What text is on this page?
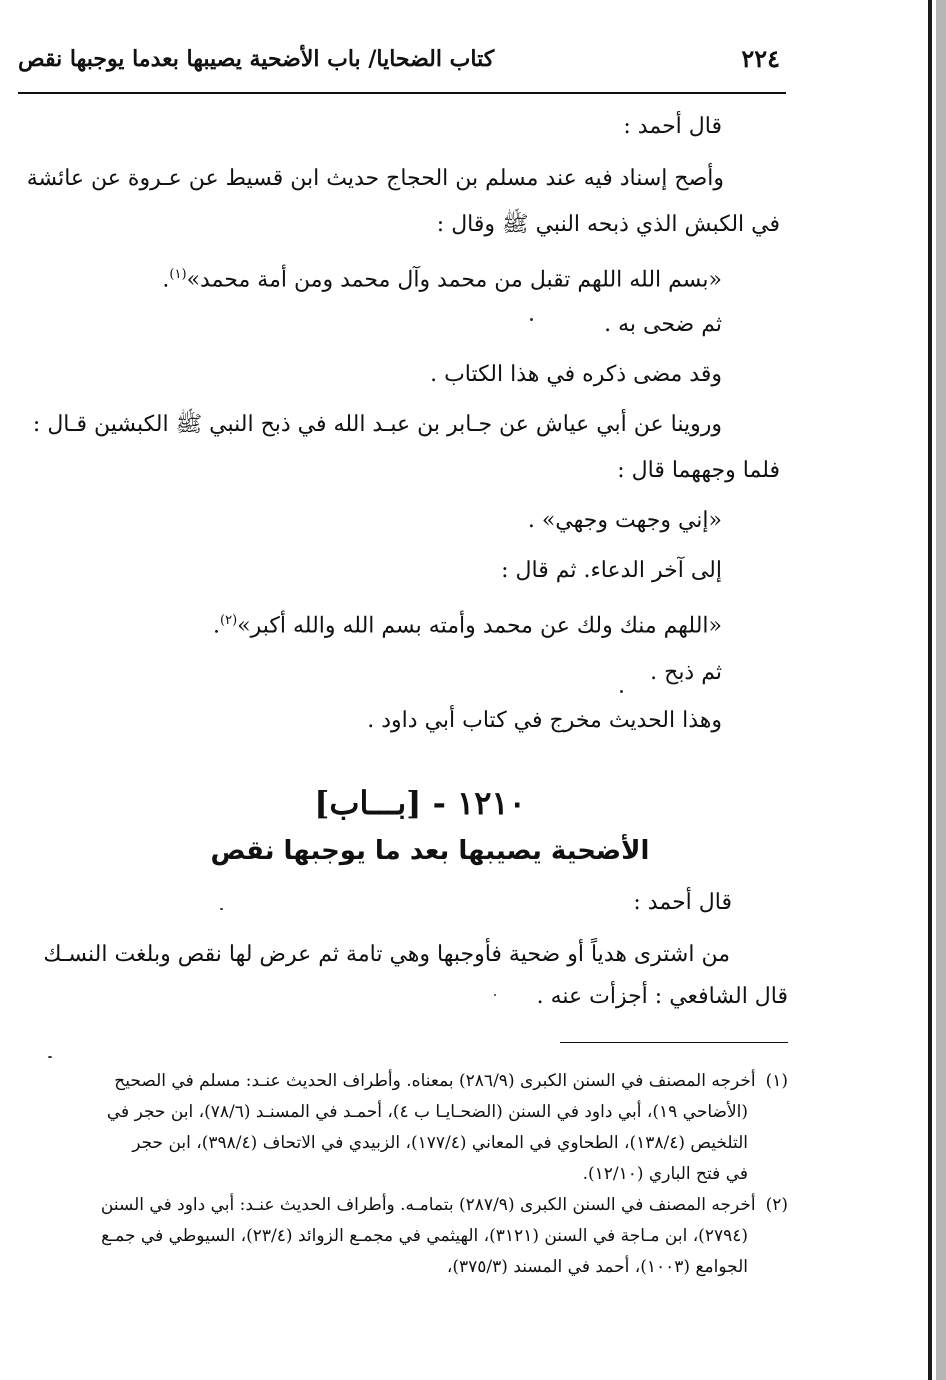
٢٢٤
كتاب الضحايا/ باب الأضحية يصيبها بعدما يوجبها نقص
قال أحمد :
وأصح إسناد فيه عند مسلم بن الحجاج حديث ابن قسيط عن عـروة عن عائشة
في الكبش الذي ذبحه النبي ﷺ وقال :
«بسم الله اللهم تقبل من محمد وآل محمد ومن أمة محمد»$^{(١)}$.
ثم ضحى به .
وقد مضى ذكره في هذا الكتاب .
وروينا عن أبي عياش عن جـابر بن عبـد الله في ذبح النبي ﷺ الكبشين قـال :
فلما وجههما قال :
«إني وجهت وجهي» .
إلى آخر الدعاء. ثم قال :
«اللهم منك ولك عن محمد وأمته بسم الله والله أكبر»$^{(٢)}$.
ثم ذبح .
وهذا الحديث مخرج في كتاب أبي داود .
١٢١٠ - [بـــاب]
الأضحية يصيبها بعد ما يوجبها نقص
قال أحمد :
من اشترى هدياً أو ضحية فأوجبها وهي تامة ثم عرض لها نقص وبلغت النسـك
قال الشافعي : أجزأت عنه .
(١)أخرجه المصنف في السنن الكبرى (٢٨٦/٩) بمعناه. وأطراف الحديث عنـد: مسلم في الصحيح
(الأضاحي ١٩)، أبي داود في السنن (الضحـايـا ب ٤)، أحمـد في المسنـد (٧٨/٦)، ابن حجر في
التلخيص (١٣٨/٤)، الطحاوي في المعاني (١٧٧/٤)، الزبيدي في الاتحاف (٣٩٨/٤)، ابن حجر
في فتح الباري (١٢/١٠).
(٢)أخرجه المصنف في السنن الكبرى (٢٨٧/٩) بتمامـه. وأطراف الحديث عنـد: أبي داود في السنن
(٢٧٩٤)، ابن مـاجة في السنن (٣١٢١)، الهيثمي في مجمـع الزوائد (٢٣/٤)، السيوطي في جمـع
الجوامع (١٠٠٣)، أحمد في المسند (٣٧٥/٣)،
